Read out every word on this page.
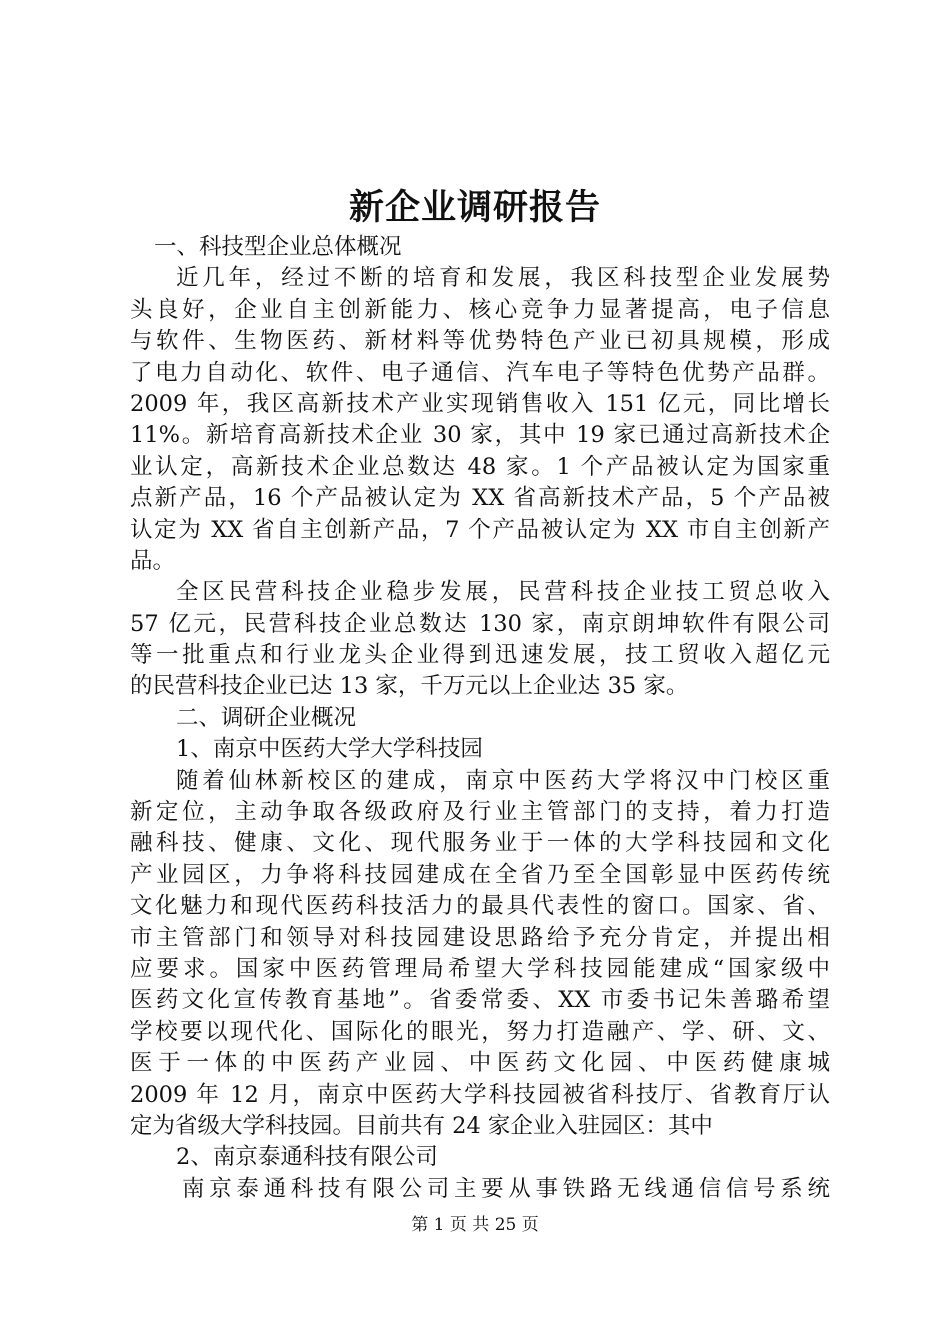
新企业调研报告
一、科技型企业总体概况
近几年，经过不断的培育和发展，我区科技型企业发展势
头良好，企业自主创新能力、核心竞争力显著提高，电子信息
与软件、生物医药、新材料等优势特色产业已初具规模，形成
了电力自动化、软件、电子通信、汽车电子等特色优势产品群。
2009 年，我区高新技术产业实现销售收入 151 亿元，同比增长
11%。新培育高新技术企业 30 家，其中 19 家已通过高新技术企
业认定，高新技术企业总数达 48 家。1 个产品被认定为国家重
点新产品，16 个产品被认定为 XX 省高新技术产品，5 个产品被
认定为 XX 省自主创新产品，7 个产品被认定为 XX 市自主创新产
品。
全区民营科技企业稳步发展，民营科技企业技工贸总收入
57 亿元，民营科技企业总数达 130 家，南京朗坤软件有限公司
等一批重点和行业龙头企业得到迅速发展，技工贸收入超亿元
的民营科技企业已达 13 家，千万元以上企业达 35 家。
二、调研企业概况
1、南京中医药大学大学科技园
随着仙林新校区的建成，南京中医药大学将汉中门校区重
新定位，主动争取各级政府及行业主管部门的支持，着力打造
融科技、健康、文化、现代服务业于一体的大学科技园和文化
产业园区，力争将科技园建成在全省乃至全国彰显中医药传统
文化魅力和现代医药科技活力的最具代表性的窗口。国家、省、
市主管部门和领导对科技园建设思路给予充分肯定，并提出相
应要求。国家中医药管理局希望大学科技园能建成“国家级中
医药文化宣传教育基地”。省委常委、XX 市委书记朱善璐希望
学校要以现代化、国际化的眼光，努力打造融产、学、研、文、
医于一体的中医药产业园、中医药文化园、中医药健康城
2009 年 12 月，南京中医药大学科技园被省科技厅、省教育厅认
定为省级大学科技园。目前共有 24 家企业入驻园区：其中
2、南京泰通科技有限公司
南京泰通科技有限公司主要从事铁路无线通信信号系统
第 1 页 共 25 页
